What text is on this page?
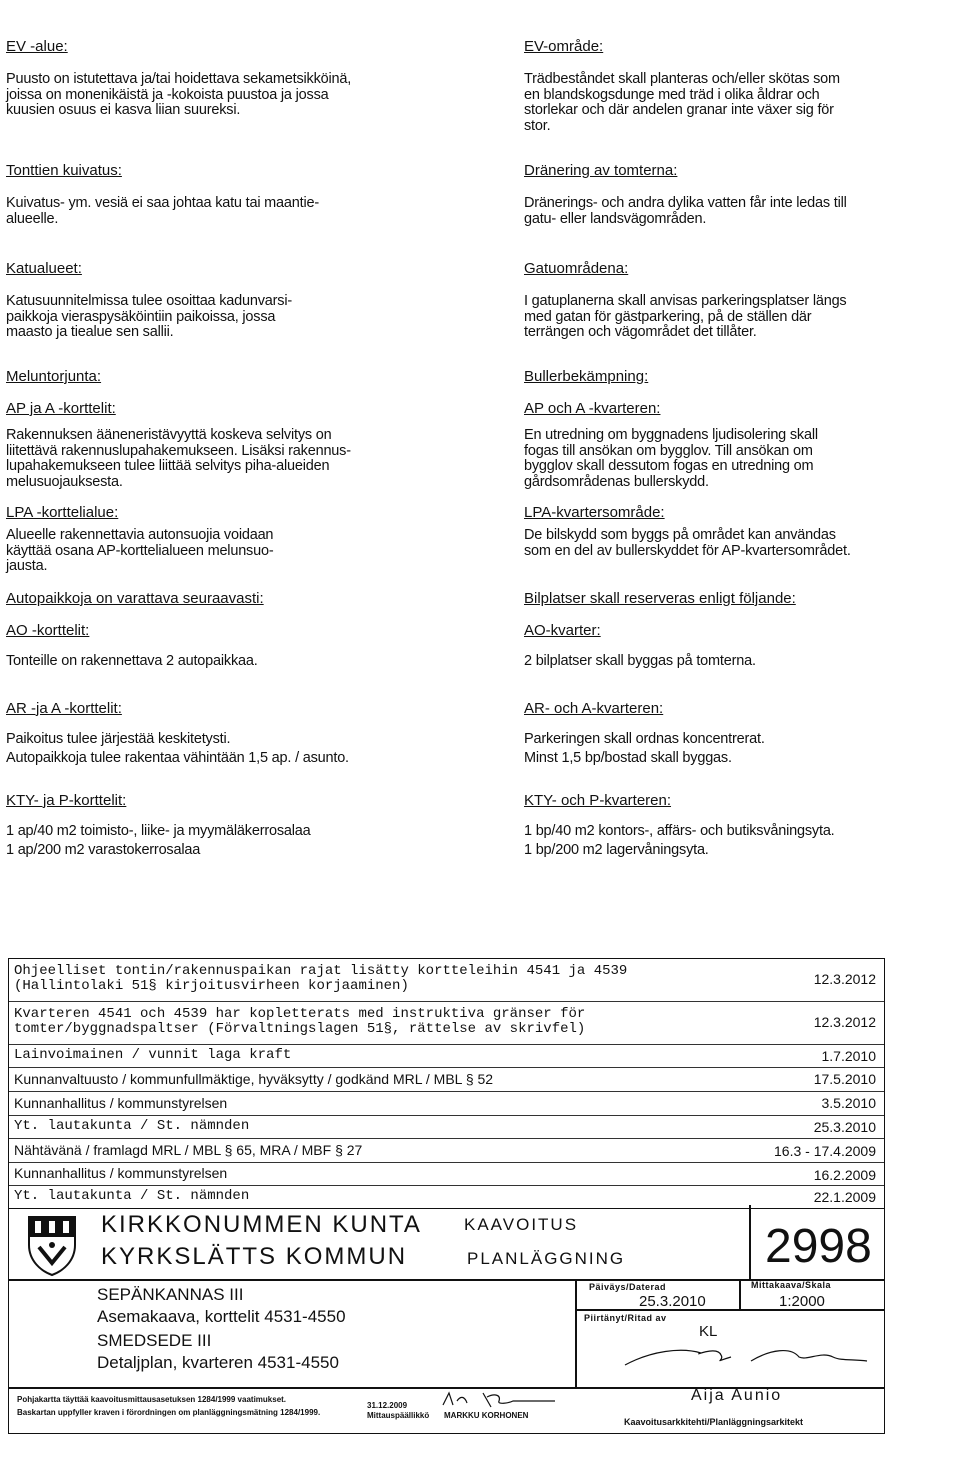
EV -alue:
Puusto on istutettava ja/tai hoidettava sekametsikköinä,
joissa on monenikäistä ja -kokoista puustoa ja jossa
kuusien osuus ei kasva liian suureksi.
Tonttien kuivatus:
Kuivatus- ym. vesiä ei saa johtaa katu tai maantie-
alueelle.
Katualueet:
Katusuunnitelmissa tulee osoittaa kadunvarsi-
paikkoja vieraspysäköintiin paikoissa, jossa
maasto ja tiealue sen sallii.
Meluntorjunta:
AP ja A -korttelit:
Rakennuksen ääneneristävyyttä koskeva selvitys on
liitettävä rakennuslupahakemukseen. Lisäksi rakennus-
lupahakemukseen tulee liittää selvitys piha-alueiden
melusuojauksesta.
LPA -korttelialue:
Alueelle rakennettavia autonsuojia voidaan
käyttää osana AP-korttelialueen melunsuo-
jausta.
Autopaikkoja on varattava seuraavasti:
AO -korttelit:
Tonteille on rakennettava 2 autopaikkaa.
AR -ja A -korttelit:
Paikoitus tulee järjestää keskitetysti.
Autopaikkoja tulee rakentaa vähintään 1,5 ap. / asunto.
KTY- ja P-korttelit:
1 ap/40 m2 toimisto-, liike- ja myymäläkerrosalaa
1 ap/200 m2 varastokerrosalaa
EV-område:
Trädbeståndet skall planteras och/eller skötas som
en blandskogsdunge med träd i olika åldrar och
storlekar och där andelen granar inte växer sig för
stor.
Dränering av tomterna:
Dränerings- och andra dylika vatten får inte ledas till
gatu- eller landsvägområden.
Gatuområdena:
I gatuplanerna skall anvisas parkeringsplatser längs
med gatan för gästparkering, på de ställen där
terrängen och vägområdet det tillåter.
Bullerbekämpning:
AP och A -kvarteren:
En utredning om byggnadens ljudisolering skall
fogas till ansökan om bygglov. Till ansökan om
bygglov skall dessutom fogas en utredning om
gårdsområdenas bullerskydd.
LPA-kvartersområde:
De bilskydd som byggs på området kan användas
som en del av bullerskyddet för AP-kvartersområdet.
Bilplatser skall reserveras enligt följande:
AO-kvarter:
2 bilplatser skall byggas på tomterna.
AR- och A-kvarteren:
Parkeringen skall ordnas koncentrerat.
Minst 1,5 bp/bostad skall byggas.
KTY- och P-kvarteren:
1 bp/40 m2 kontors-, affärs- och butiksvåningsyta.
1 bp/200 m2 lagervåningsyta.
Ohjeelliset tontin/rakennuspaikan rajat lisätty kortteleihin 4541 ja 4539
(Hallintolaki 51§ kirjoitusvirheen korjaaminen)	12.3.2012
Kvarteren 4541 och 4539 har kopletterats med instruktiva gränser för
tomter/byggnadspaltser (Förvaltningslagen 51§, rättelse av skrivfel)	12.3.2012
Lainvoimainen / vunnit laga kraft	1.7.2010
Kunnanvaltuusto / kommunfullmäktige, hyväksytty / godkänd MRL / MBL § 52	17.5.2010
Kunnanhallitus / kommunstyrelsen	3.5.2010
Yt. lautakunta / St. nämnden	25.3.2010
Nähtävänä / framlagd MRL / MBL § 65, MRA / MBF § 27	16.3 - 17.4.2009
Kunnanhallitus / kommunstyrelsen	16.2.2009
Yt. lautakunta / St. nämnden	22.1.2009
KIRKKONUMMEN KUNTA
KYRKSLÄTTS KOMMUN
KAAVOITUS
PLANLÄGGNING	2998
SEPÄNKANNAS III
Asemakaava, korttelit 4531-4550
SMEDSEDE III
Detaljplan, kvarteren 4531-4550
Päiväys/Daterad
25.3.2010
Mittakaava/Skala
1:2000
Piirtänyt/Ritad av
KL
Aija Aunio
Kaavoitusarkkitehti/Planläggningsarkitekt
Pohjakartta täyttää kaavoitusmittausasetuksen 1284/1999 vaatimukset.
Baskartan uppfyller kraven i förordningen om planläggningsmätning 1284/1999.
31.12.2009
Mittauspäällikkö MARKKU KORHONEN
